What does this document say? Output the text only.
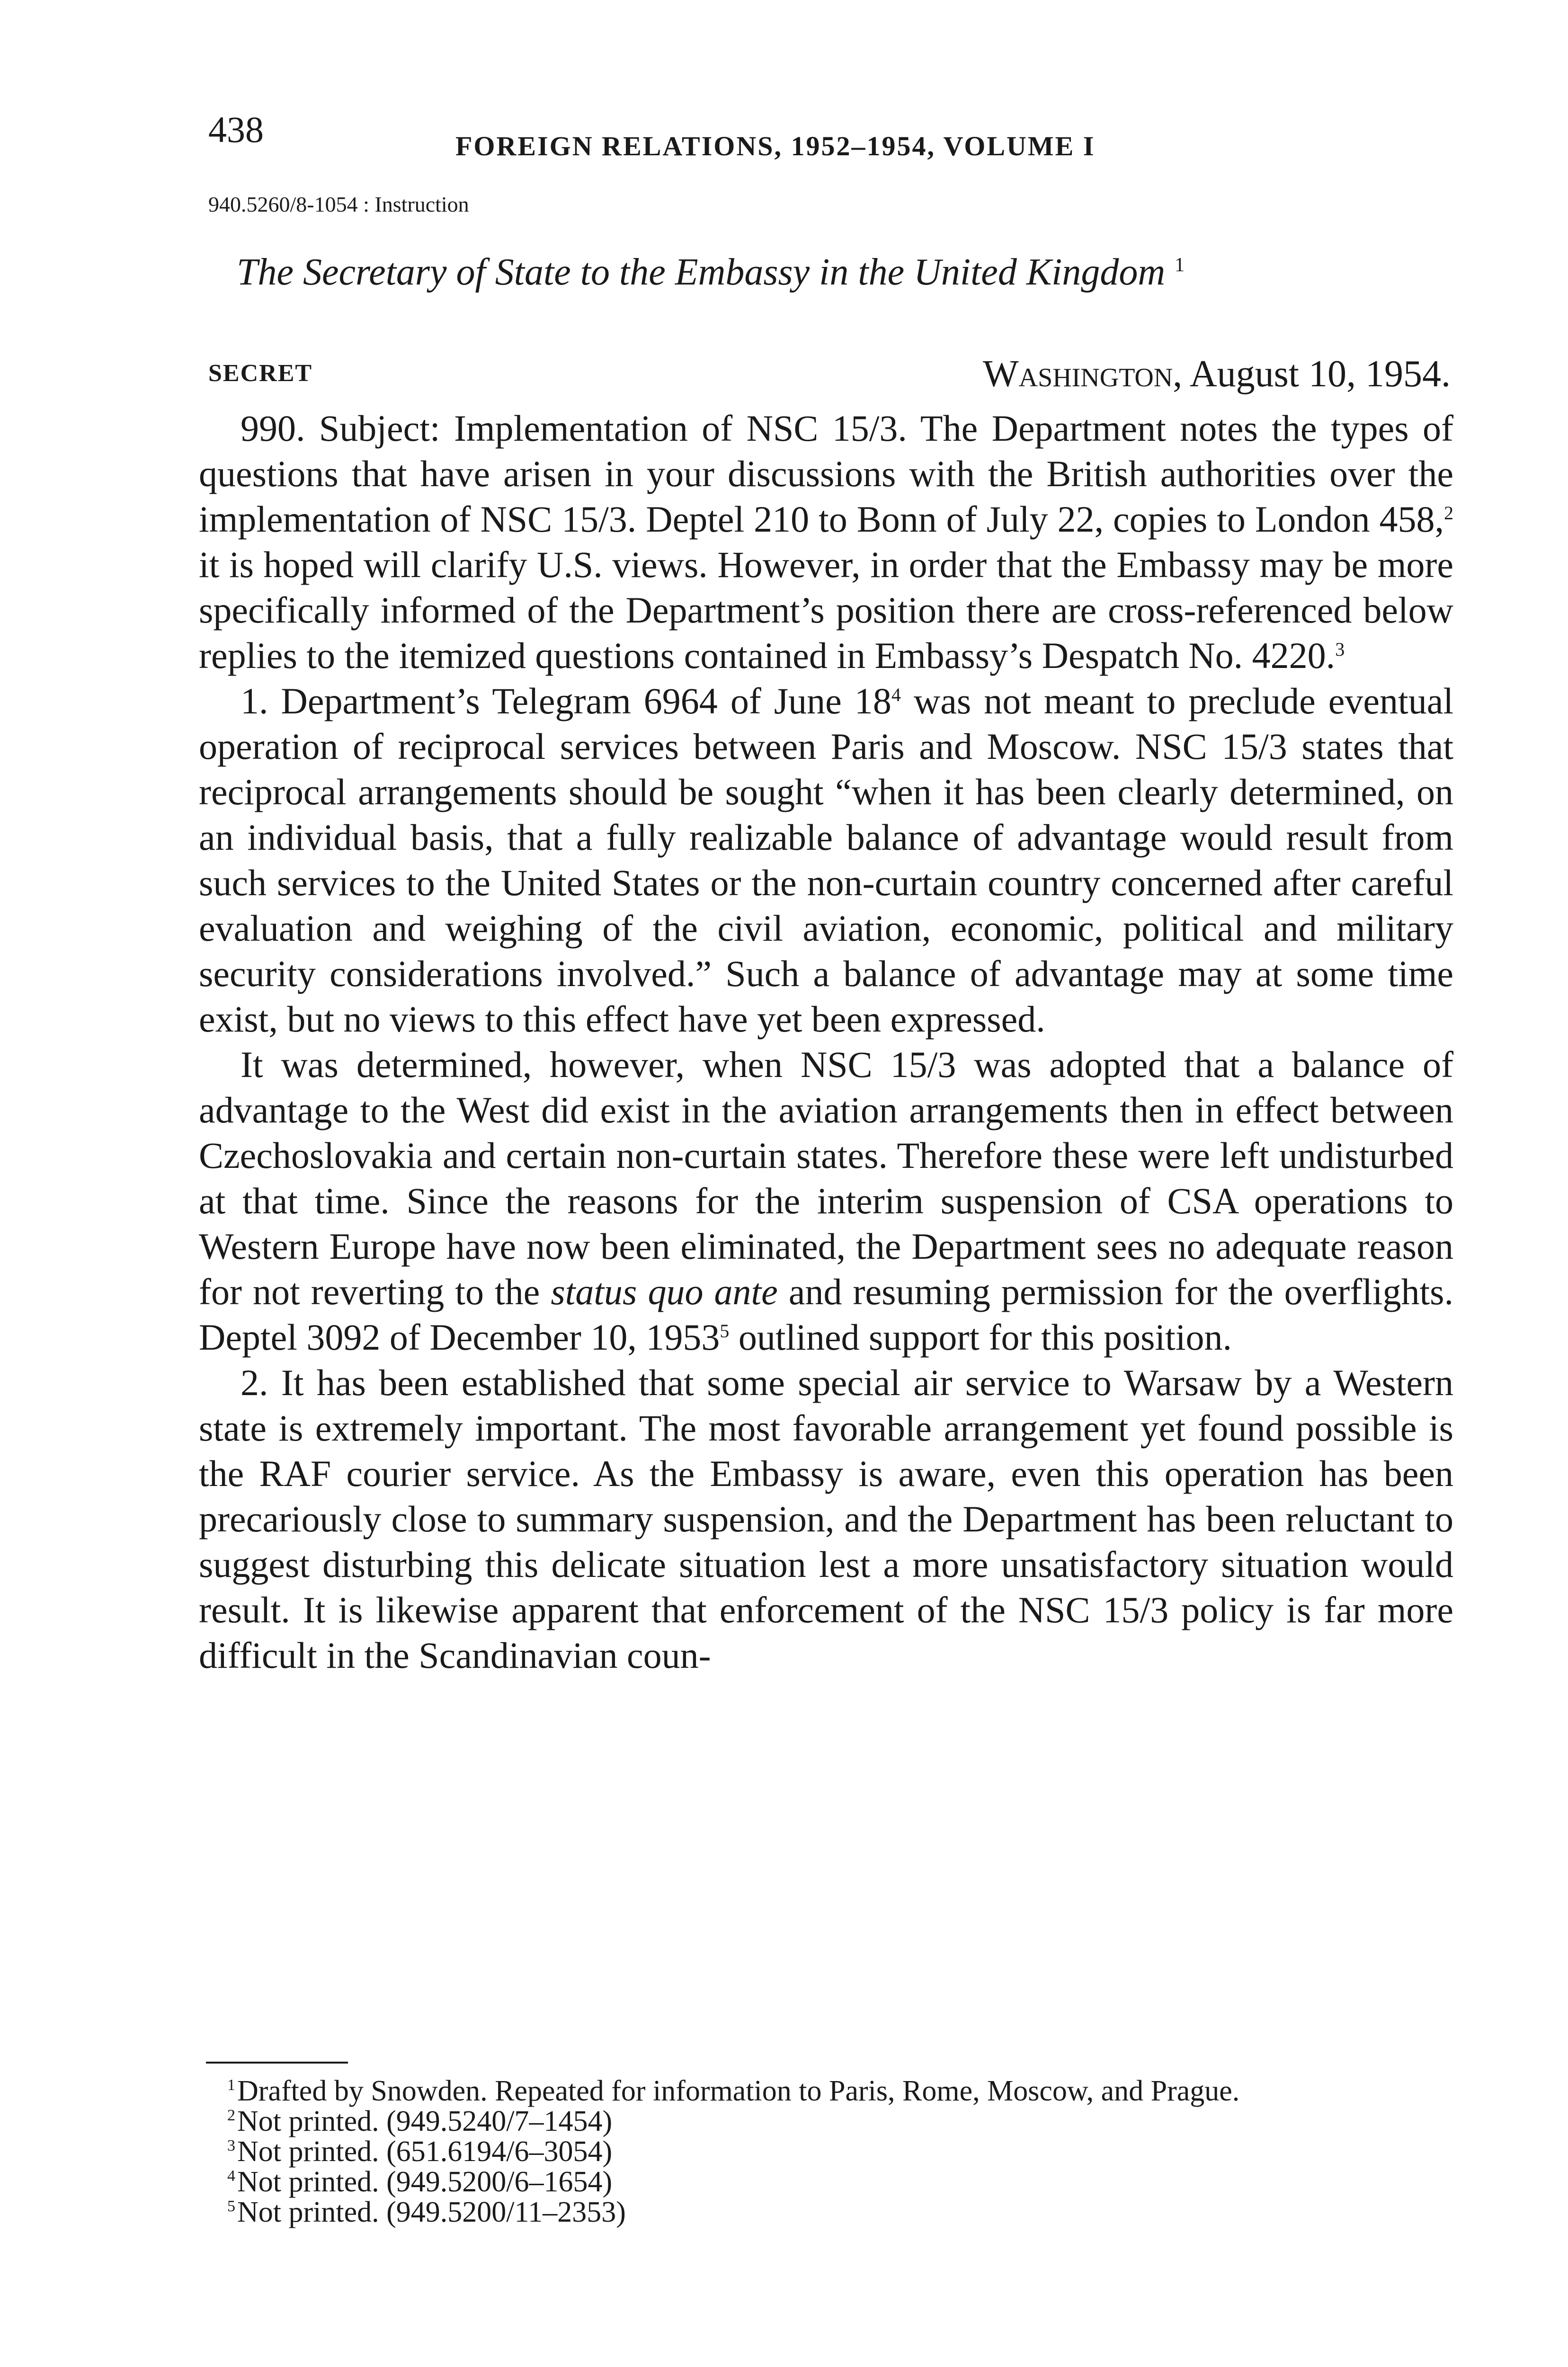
438	FOREIGN RELATIONS, 1952–1954, VOLUME I
940.5260/8-1054 : Instruction
The Secretary of State to the Embassy in the United Kingdom $^1$
SECRET	Washington, August 10, 1954.

990. Subject: Implementation of NSC 15/3. The Department notes the types of questions that have arisen in your discussions with the British authorities over the implementation of NSC 15/3. Deptel 210 to Bonn of July 22, copies to London 458,$^2$ it is hoped will clarify U.S. views. However, in order that the Embassy may be more specifically informed of the Department’s position there are cross-referenced below replies to the itemized questions contained in Embassy’s Despatch No. 4220.$^3$

1. Department’s Telegram 6964 of June 18$^4$ was not meant to preclude eventual operation of reciprocal services between Paris and Moscow. NSC 15/3 states that reciprocal arrangements should be sought “when it has been clearly determined, on an individual basis, that a fully realizable balance of advantage would result from such services to the United States or the non-curtain country concerned after careful evaluation and weighing of the civil aviation, economic, political and military security considerations involved.” Such a balance of advantage may at some time exist, but no views to this effect have yet been expressed.

It was determined, however, when NSC 15/3 was adopted that a balance of advantage to the West did exist in the aviation arrangements then in effect between Czechoslovakia and certain non-curtain states. Therefore these were left undisturbed at that time. Since the reasons for the interim suspension of CSA operations to Western Europe have now been eliminated, the Department sees no adequate reason for not reverting to the status quo ante and resuming permission for the overflights. Deptel 3092 of December 10, 1953$^5$ outlined support for this position.

2. It has been established that some special air service to Warsaw by a Western state is extremely important. The most favorable arrangement yet found possible is the RAF courier service. As the Embassy is aware, even this operation has been precariously close to summary suspension, and the Department has been reluctant to suggest disturbing this delicate situation lest a more unsatisfactory situation would result. It is likewise apparent that enforcement of the NSC 15/3 policy is far more difficult in the Scandinavian coun-

$^1$Drafted by Snowden. Repeated for information to Paris, Rome, Moscow, and Prague.

$^2$Not printed. (949.5240/7–1454)

$^3$Not printed. (651.6194/6–3054)

$^4$Not printed. (949.5200/6–1654)

$^5$Not printed. (949.5200/11–2353)
